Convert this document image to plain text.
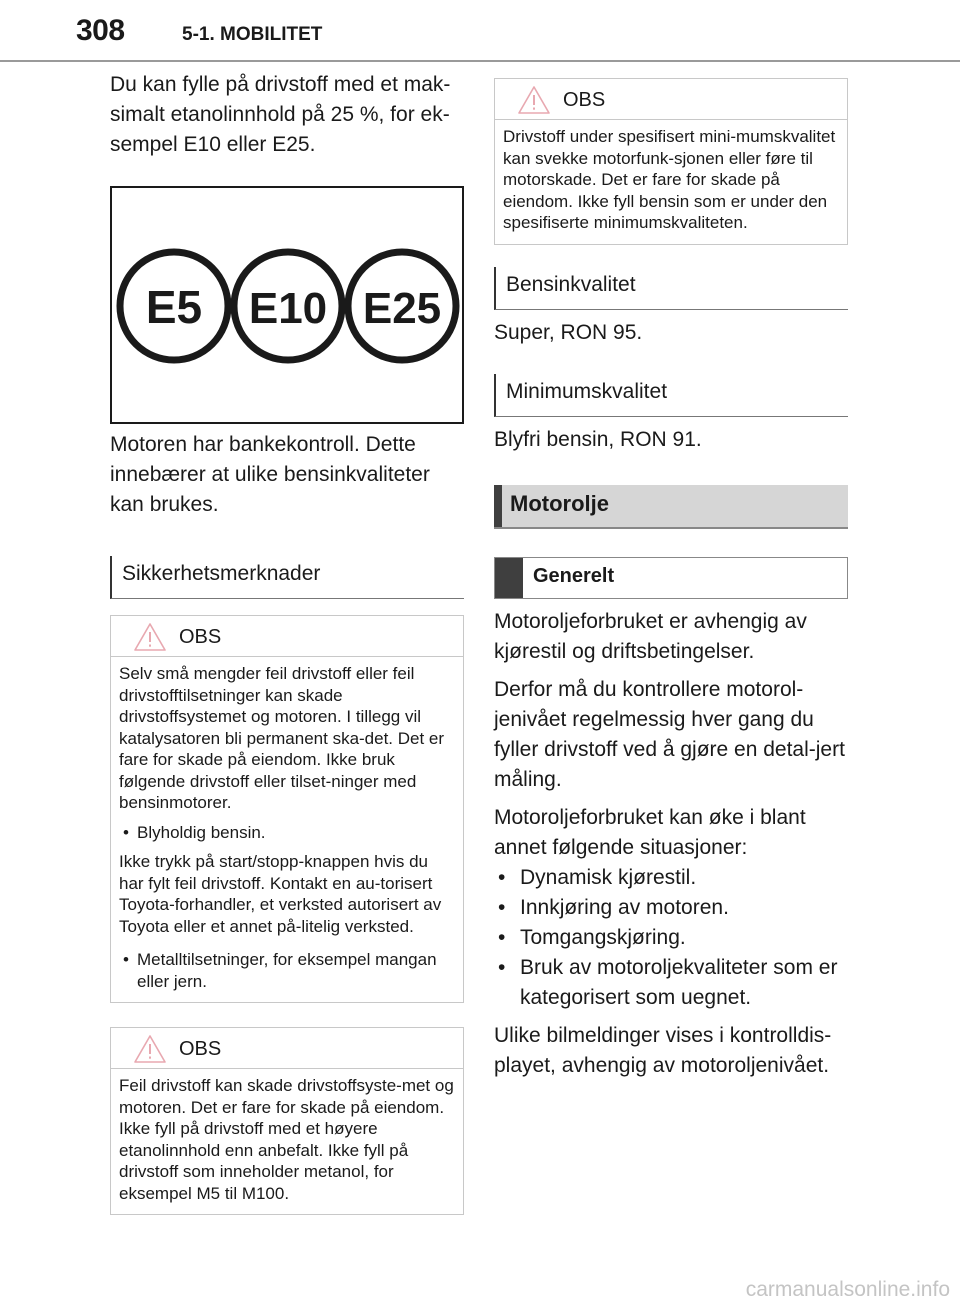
308	5-1. MOBILITET

Du kan fylle på drivstoff med et mak-simalt etanolinnhold på 25 %, for ek-sempel E10 eller E25.

E5 E10 E25

Motoren har bankekontroll. Dette innebærer at ulike bensinkvaliteter kan brukes.

Sikkerhetsmerknader
OBS

Selv små mengder feil drivstoff eller feil drivstofftilsetninger kan skade drivstoffsystemet og motoren. I tillegg vil katalysatoren bli permanent ska-det. Det er fare for skade på eiendom. Ikke bruk følgende drivstoff eller tilset-ninger med bensinmotorer.

• Blyholdig bensin.

Ikke trykk på start/stopp-knappen hvis du har fylt feil drivstoff. Kontakt en au-torisert Toyota-forhandler, et verksted autorisert av Toyota eller et annet på-litelig verksted.

• Metalltilsetninger, for eksempel mangan eller jern.
OBS

Feil drivstoff kan skade drivstoffsyste-met og motoren. Det er fare for skade på eiendom. Ikke fyll på drivstoff med et høyere etanolinnhold enn anbefalt. Ikke fyll på drivstoff som inneholder metanol, for eksempel M5 til M100.

OBS

Drivstoff under spesifisert mini-mumskvalitet kan svekke motorfunk-sjonen eller føre til motorskade. Det er fare for skade på eiendom. Ikke fyll bensin som er under den spesifiserte minimumskvaliteten.

Bensinkvalitet

Super, RON 95.

Minimumskvalitet

Blyfri bensin, RON 91.

Motorolje
Generelt

Motoroljeforbruket er avhengig av kjørestil og driftsbetingelser.

Derfor må du kontrollere motorol-jenivået regelmessig hver gang du fyller drivstoff ved å gjøre en detal-jert måling.

Motoroljeforbruket kan øke i blant annet følgende situasjoner:

• Dynamisk kjørestil.
• Innkjøring av motoren.
• Tomgangskjøring.
• Bruk av motoroljekvaliteter som er kategorisert som uegnet.

Ulike bilmeldinger vises i kontrolldis-playet, avhengig av motoroljenivået.

carmanualsonline.info
